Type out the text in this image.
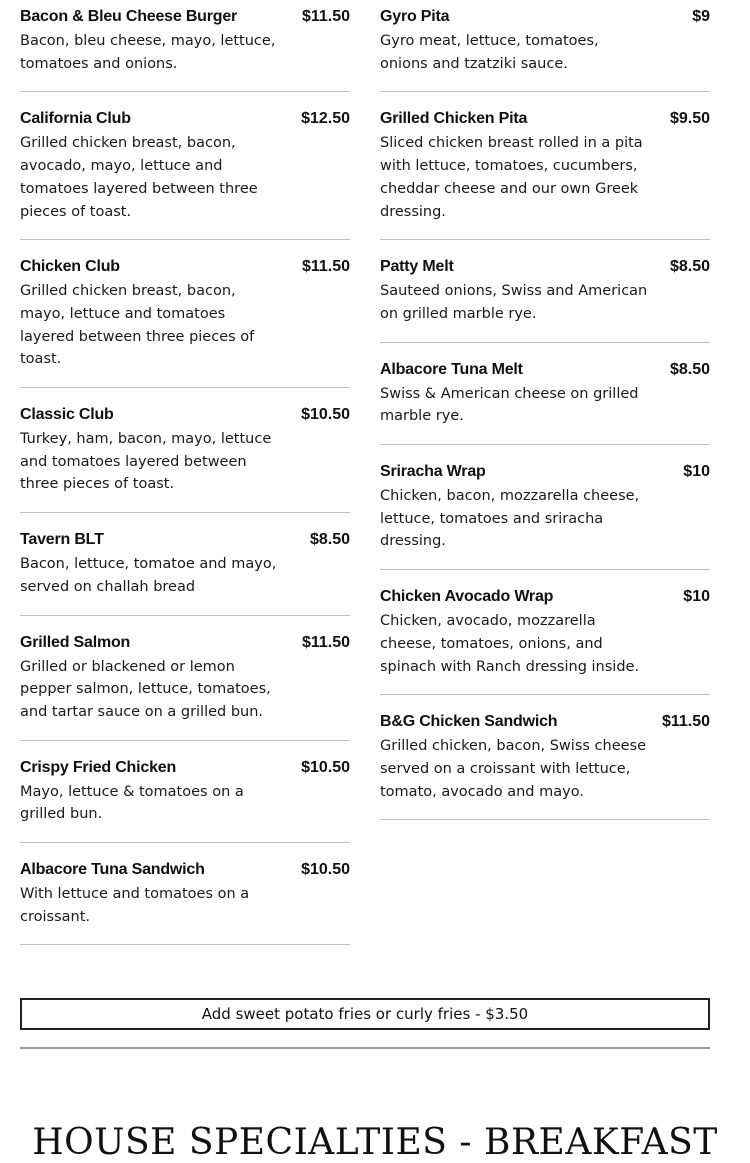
Bacon & Bleu Cheese Burger	$11.50
Bacon, bleu cheese, mayo, lettuce, tomatoes and onions.
California Club	$12.50
Grilled chicken breast, bacon, avocado, mayo, lettuce and tomatoes layered between three pieces of toast.
Chicken Club	$11.50
Grilled chicken breast, bacon, mayo, lettuce and tomatoes layered between three pieces of toast.
Classic Club	$10.50
Turkey, ham, bacon, mayo, lettuce and tomatoes layered between three pieces of toast.
Tavern BLT	$8.50
Bacon, lettuce, tomatoe and mayo, served on challah bread
Grilled Salmon	$11.50
Grilled or blackened or lemon pepper salmon, lettuce, tomatoes, and tartar sauce on a grilled bun.
Crispy Fried Chicken	$10.50
Mayo, lettuce & tomatoes on a grilled bun.
Albacore Tuna Sandwich	$10.50
With lettuce and tomatoes on a croissant.
Gyro Pita	$9
Gyro meat, lettuce, tomatoes, onions and tzatziki sauce.
Grilled Chicken Pita	$9.50
Sliced chicken breast rolled in a pita with lettuce, tomatoes, cucumbers, cheddar cheese and our own Greek dressing.
Patty Melt	$8.50
Sauteed onions, Swiss and American on grilled marble rye.
Albacore Tuna Melt	$8.50
Swiss & American cheese on grilled marble rye.
Sriracha Wrap	$10
Chicken, bacon, mozzarella cheese, lettuce, tomatoes and sriracha dressing.
Chicken Avocado Wrap	$10
Chicken, avocado, mozzarella cheese, tomatoes, onions, and spinach with Ranch dressing inside.
B&G Chicken Sandwich	$11.50
Grilled chicken, bacon, Swiss cheese served on a croissant with lettuce, tomato, avocado and mayo.
Add sweet potato fries or curly fries - $3.50
HOUSE SPECIALTIES - BREAKFAST
